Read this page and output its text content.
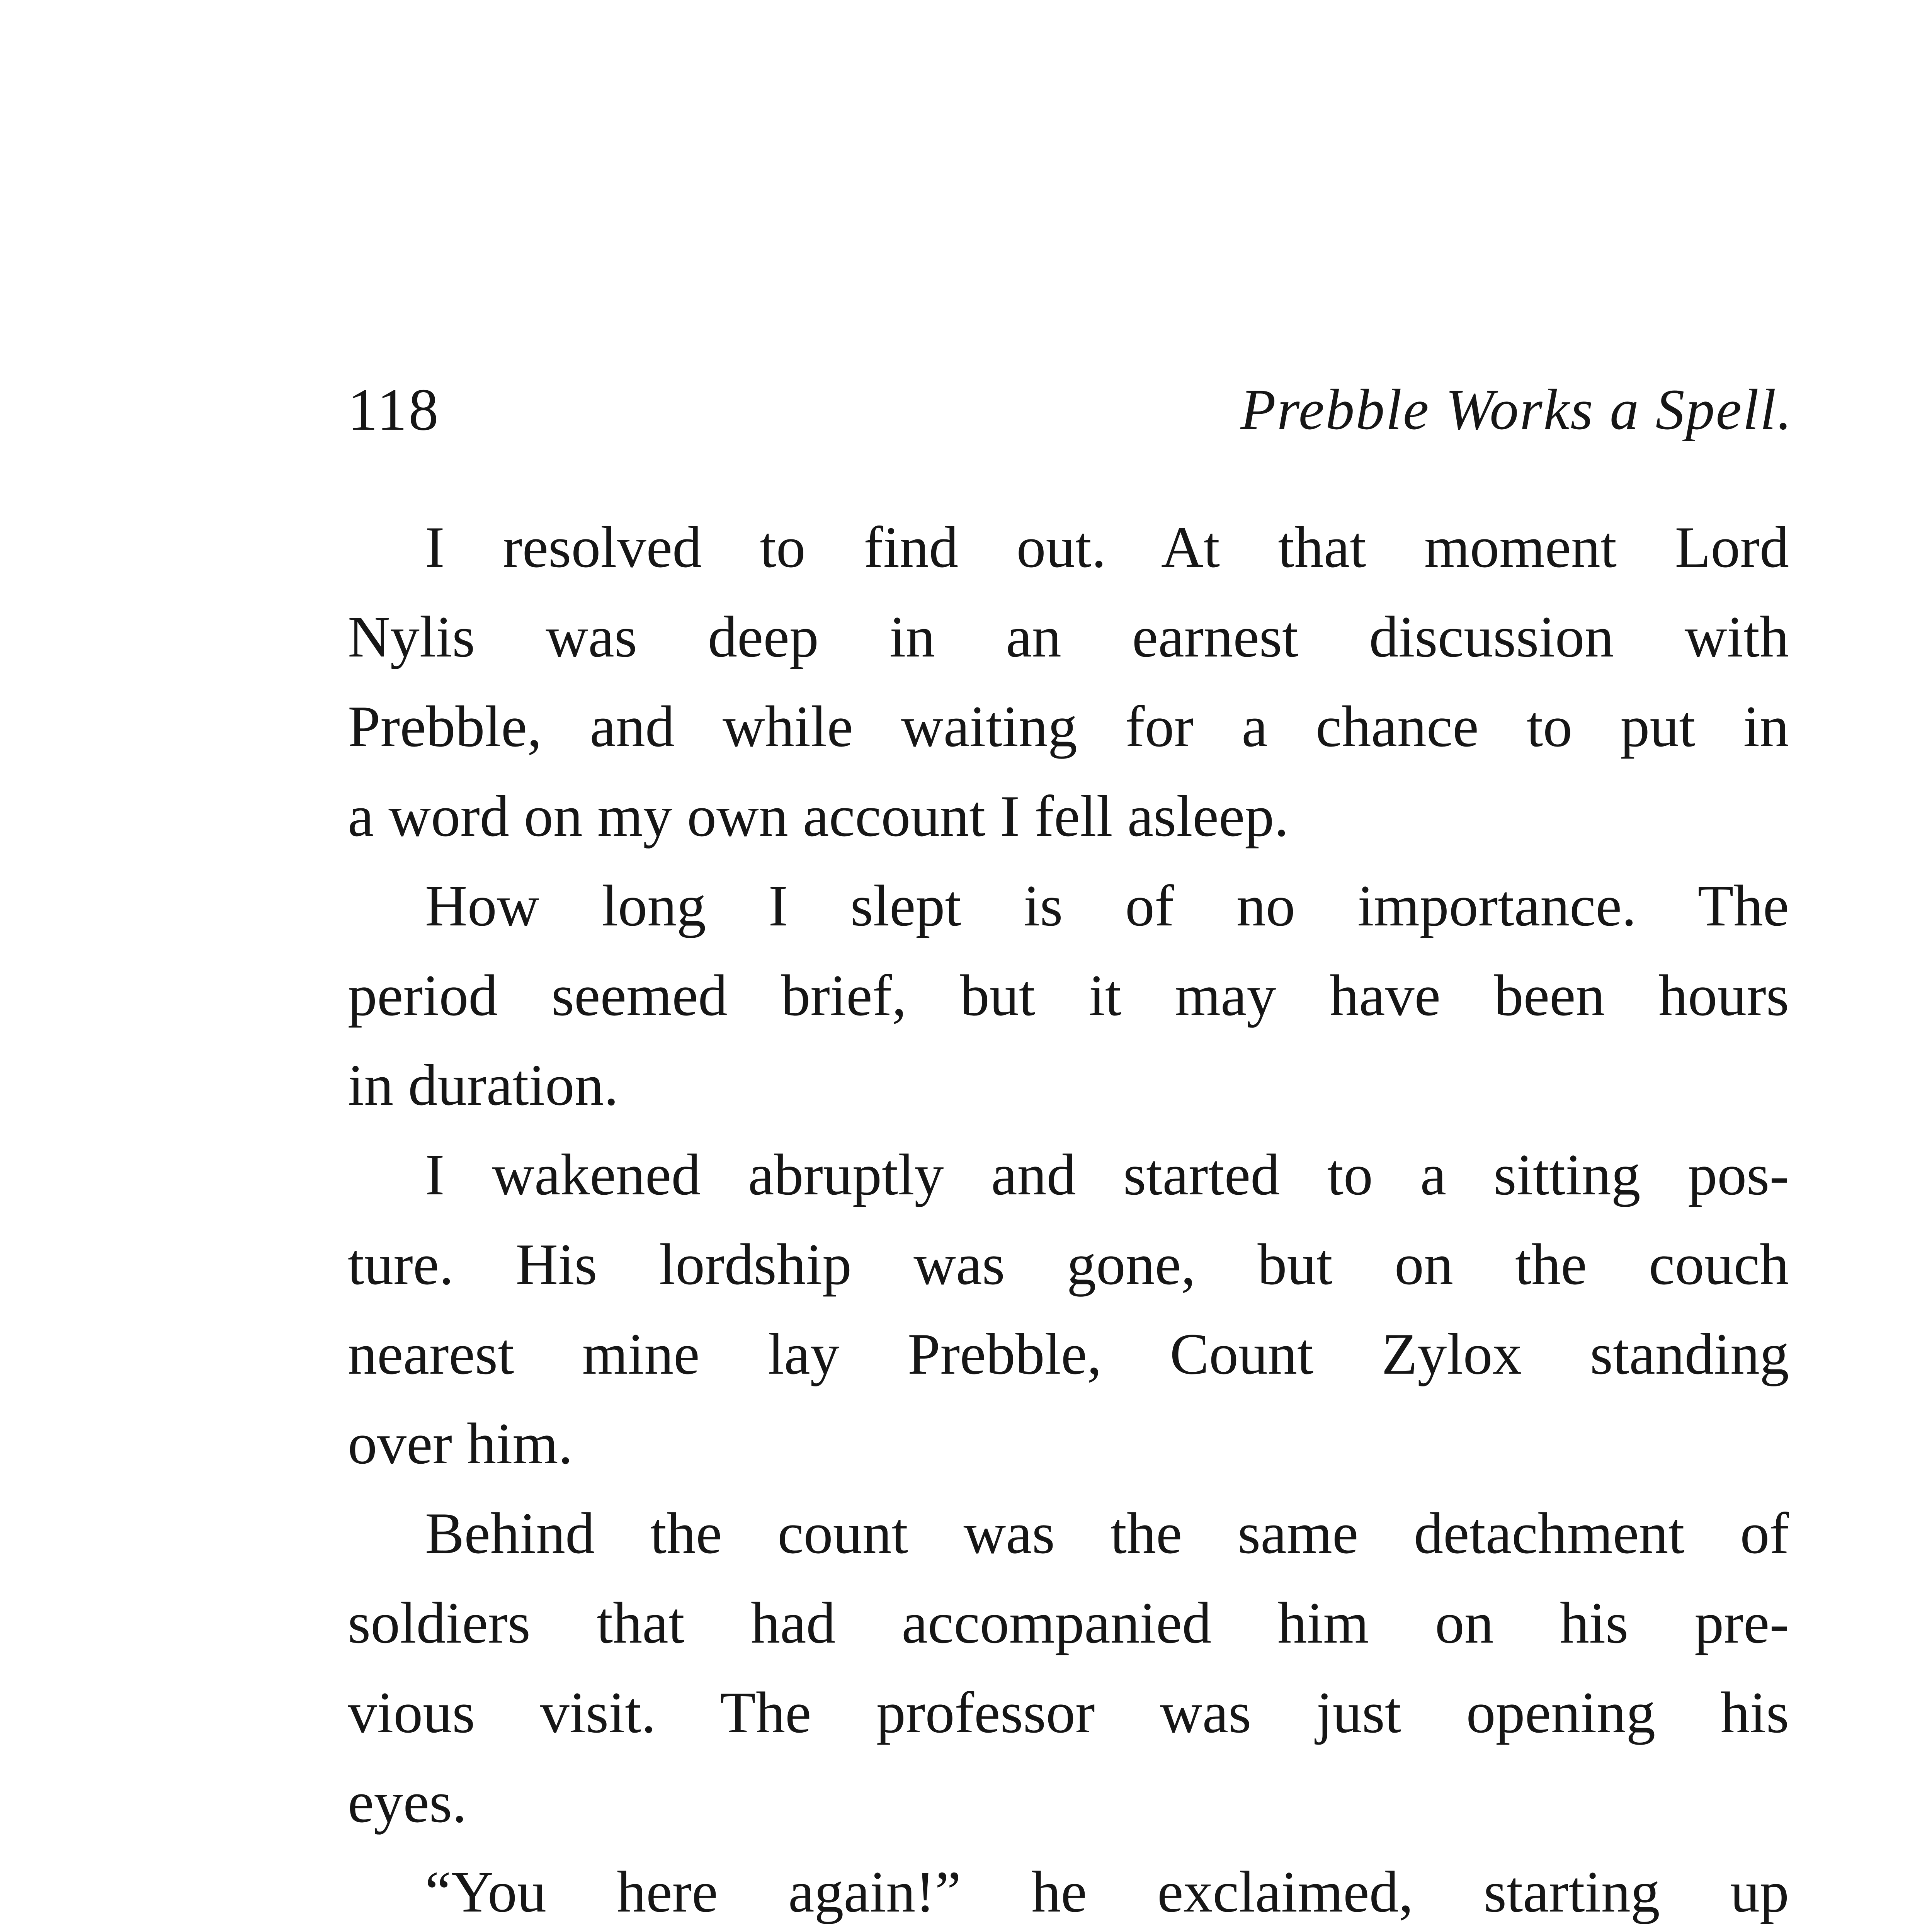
118	Prebble Works a Spell.
I resolved to find out. At that moment Lord
Nylis was deep in an earnest discussion with
Prebble, and while waiting for a chance to put in
a word on my own account I fell asleep.
How long I slept is of no importance. The
period seemed brief, but it may have been hours
in duration.
I wakened abruptly and started to a sitting pos-
ture. His lordship was gone, but on the couch
nearest mine lay Prebble, Count Zylox standing
over him.
Behind the count was the same detachment of
soldiers that had accompanied him on his pre-
vious visit. The professor was just opening his
eyes.
“You here again!” he exclaimed, starting up
